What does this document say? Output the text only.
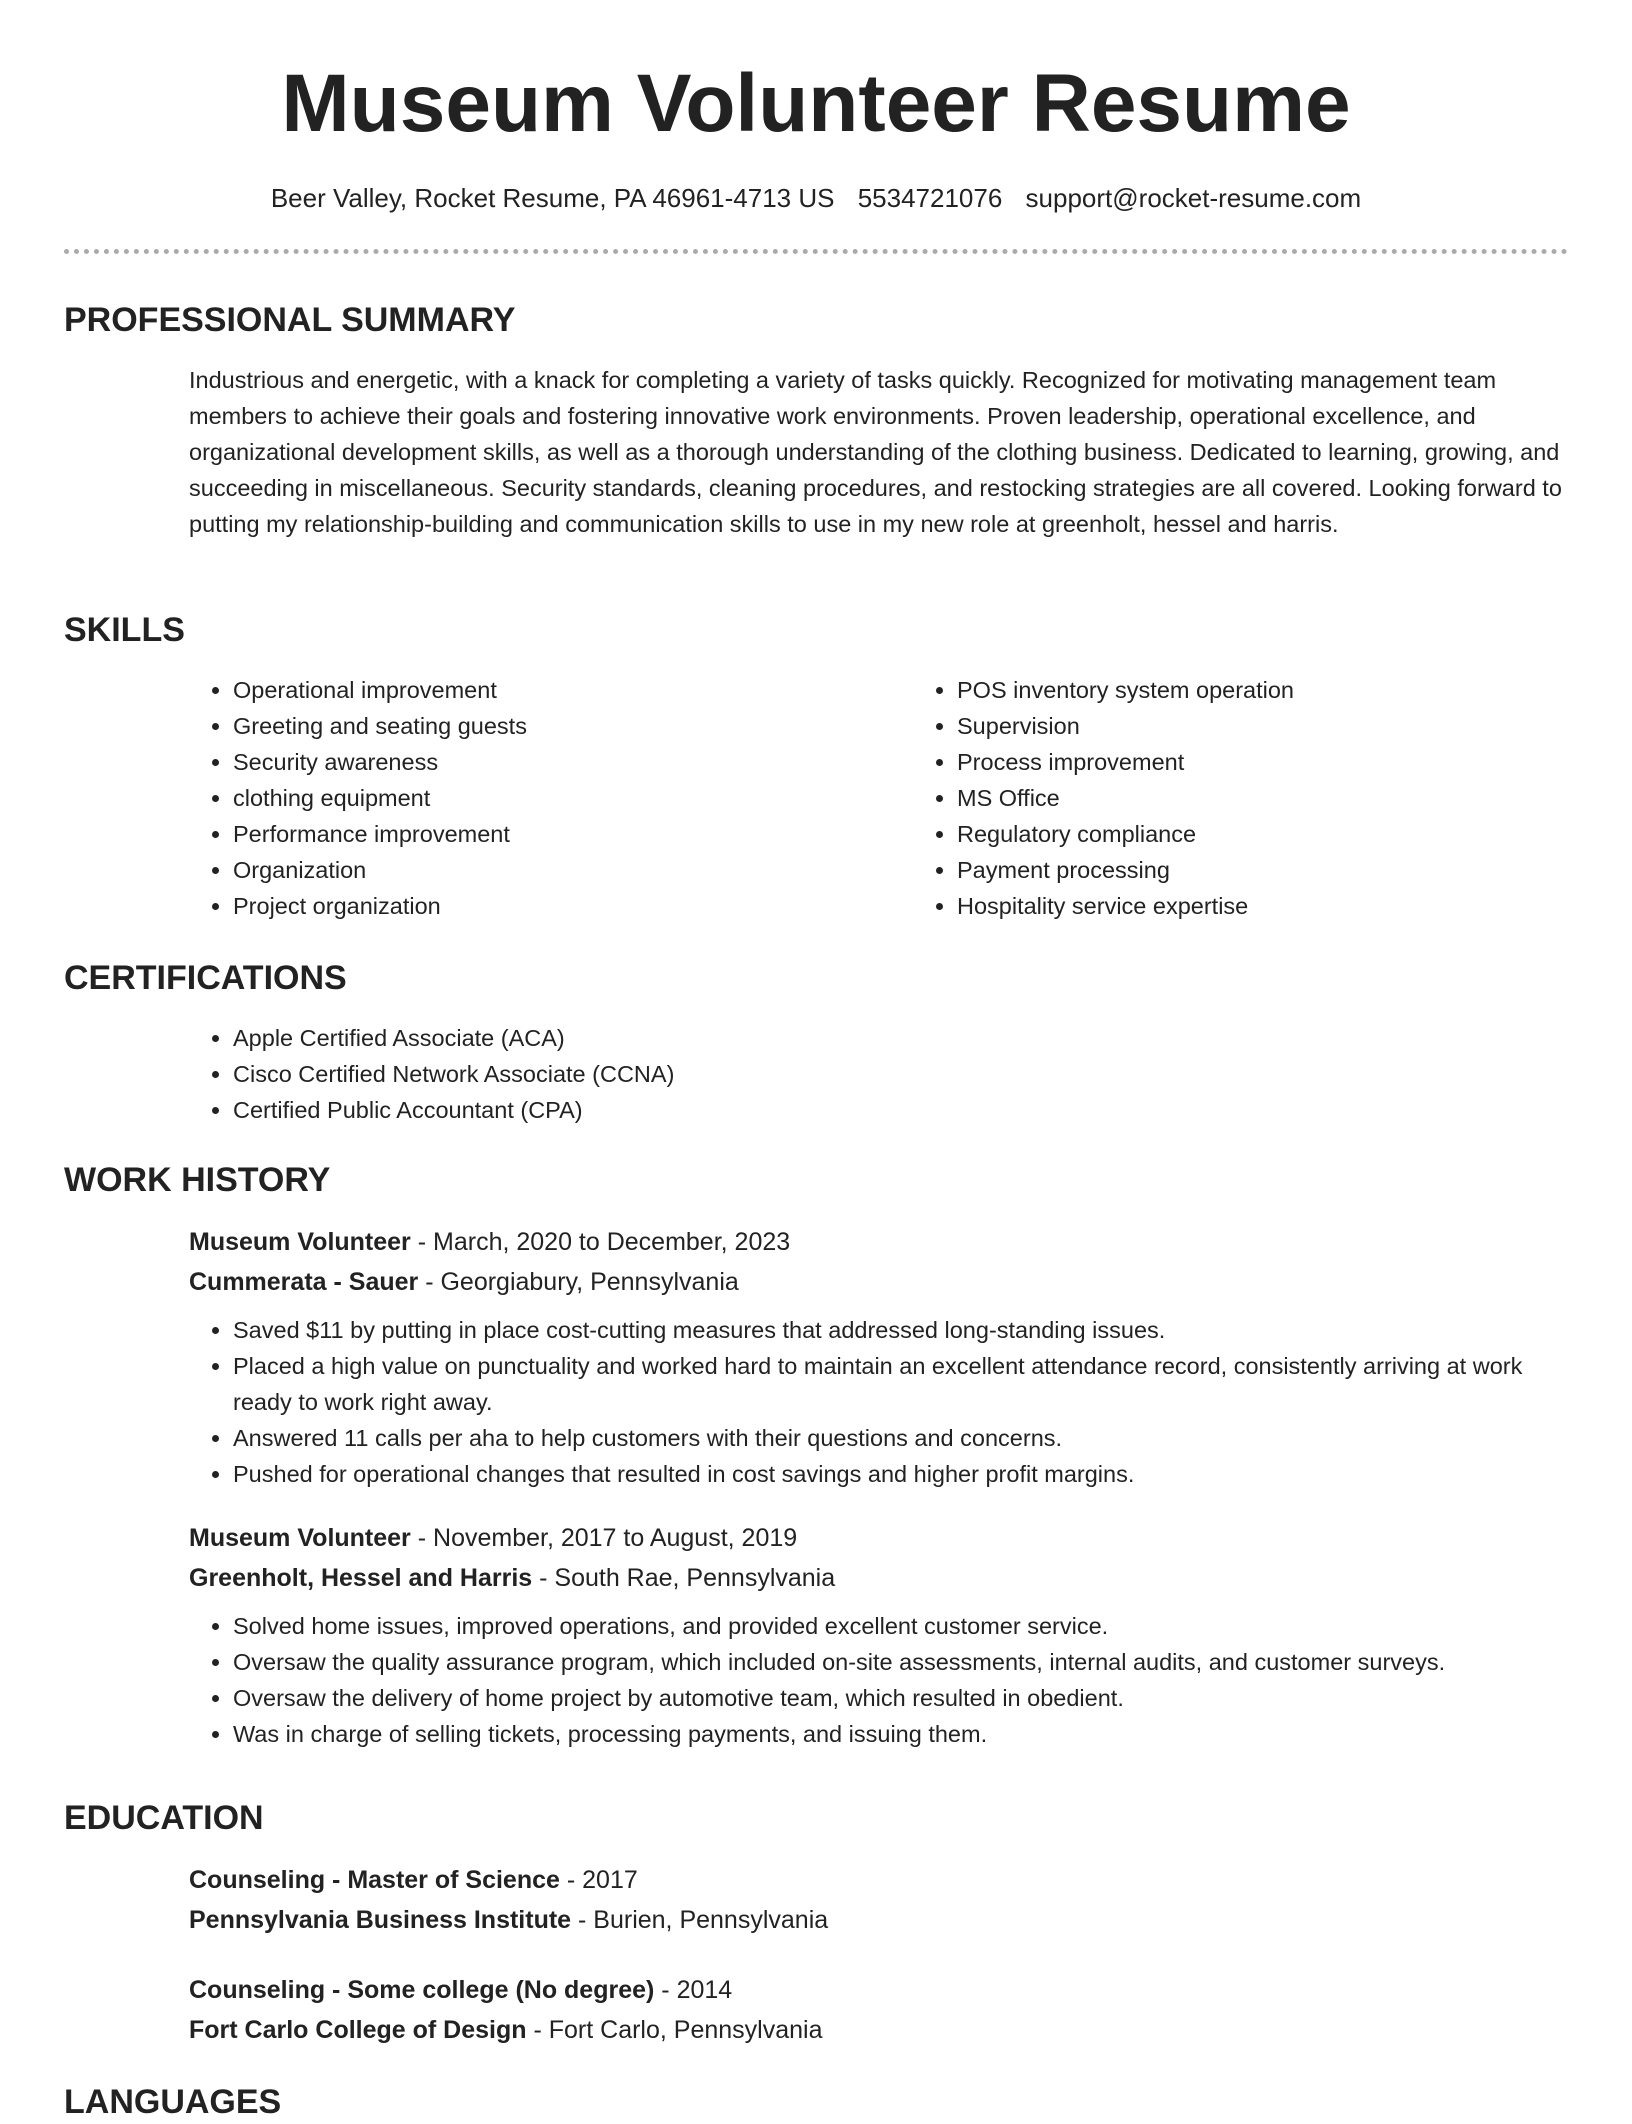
Museum Volunteer Resume
Beer Valley, Rocket Resume, PA 46961-4713 US 5534721076 support@rocket-resume.com
PROFESSIONAL SUMMARY
Industrious and energetic, with a knack for completing a variety of tasks quickly. Recognized for motivating management team members to achieve their goals and fostering innovative work environments. Proven leadership, operational excellence, and organizational development skills, as well as a thorough understanding of the clothing business. Dedicated to learning, growing, and succeeding in miscellaneous. Security standards, cleaning procedures, and restocking strategies are all covered. Looking forward to putting my relationship-building and communication skills to use in my new role at greenholt, hessel and harris.
SKILLS
• Operational improvement
• Greeting and seating guests
• Security awareness
• clothing equipment
• Performance improvement
• Organization
• Project organization
• POS inventory system operation
• Supervision
• Process improvement
• MS Office
• Regulatory compliance
• Payment processing
• Hospitality service expertise
CERTIFICATIONS
• Apple Certified Associate (ACA)
• Cisco Certified Network Associate (CCNA)
• Certified Public Accountant (CPA)
WORK HISTORY
Museum Volunteer - March, 2020 to December, 2023
Cummerata - Sauer - Georgiabury, Pennsylvania
• Saved $11 by putting in place cost-cutting measures that addressed long-standing issues.
• Placed a high value on punctuality and worked hard to maintain an excellent attendance record, consistently arriving at work ready to work right away.
• Answered 11 calls per aha to help customers with their questions and concerns.
• Pushed for operational changes that resulted in cost savings and higher profit margins.
Museum Volunteer - November, 2017 to August, 2019
Greenholt, Hessel and Harris - South Rae, Pennsylvania
• Solved home issues, improved operations, and provided excellent customer service.
• Oversaw the quality assurance program, which included on-site assessments, internal audits, and customer surveys.
• Oversaw the delivery of home project by automotive team, which resulted in obedient.
• Was in charge of selling tickets, processing payments, and issuing them.
EDUCATION
Counseling - Master of Science - 2017
Pennsylvania Business Institute - Burien, Pennsylvania
Counseling - Some college (No degree) - 2014
Fort Carlo College of Design - Fort Carlo, Pennsylvania
LANGUAGES
